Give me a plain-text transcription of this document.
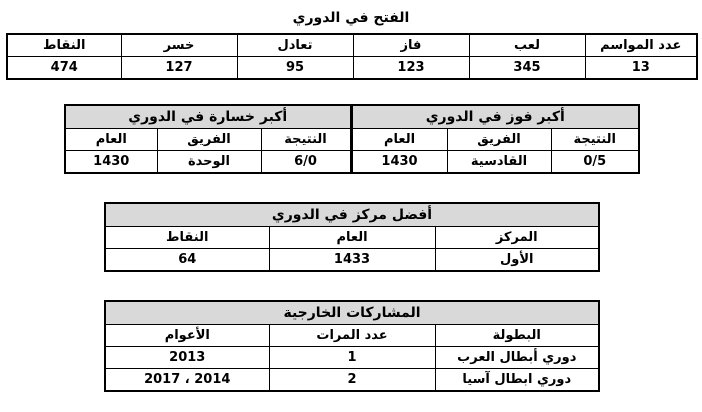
الفتح في الدوري
عدد المواسم	لعب	فاز	تعادل	خسر	النقاط
13	345	123	95	127	474
أكبر فوز في الدوري			أكبر خسارة في الدوري		
النتيجة	الفريق	العام	النتيجة	الفريق	العام
0/5	القادسية	1430	6/0	الوحدة	1430
أفضل مركز في الدوري		
المركز	العام	النقاط
الأول	1433	64
المشاركات الخارجية		
البطولة	عدد المرات	الأعوام
دوري أبطال العرب	1	2013
دوري ابطال آسيا	2	2014 ، 2017
